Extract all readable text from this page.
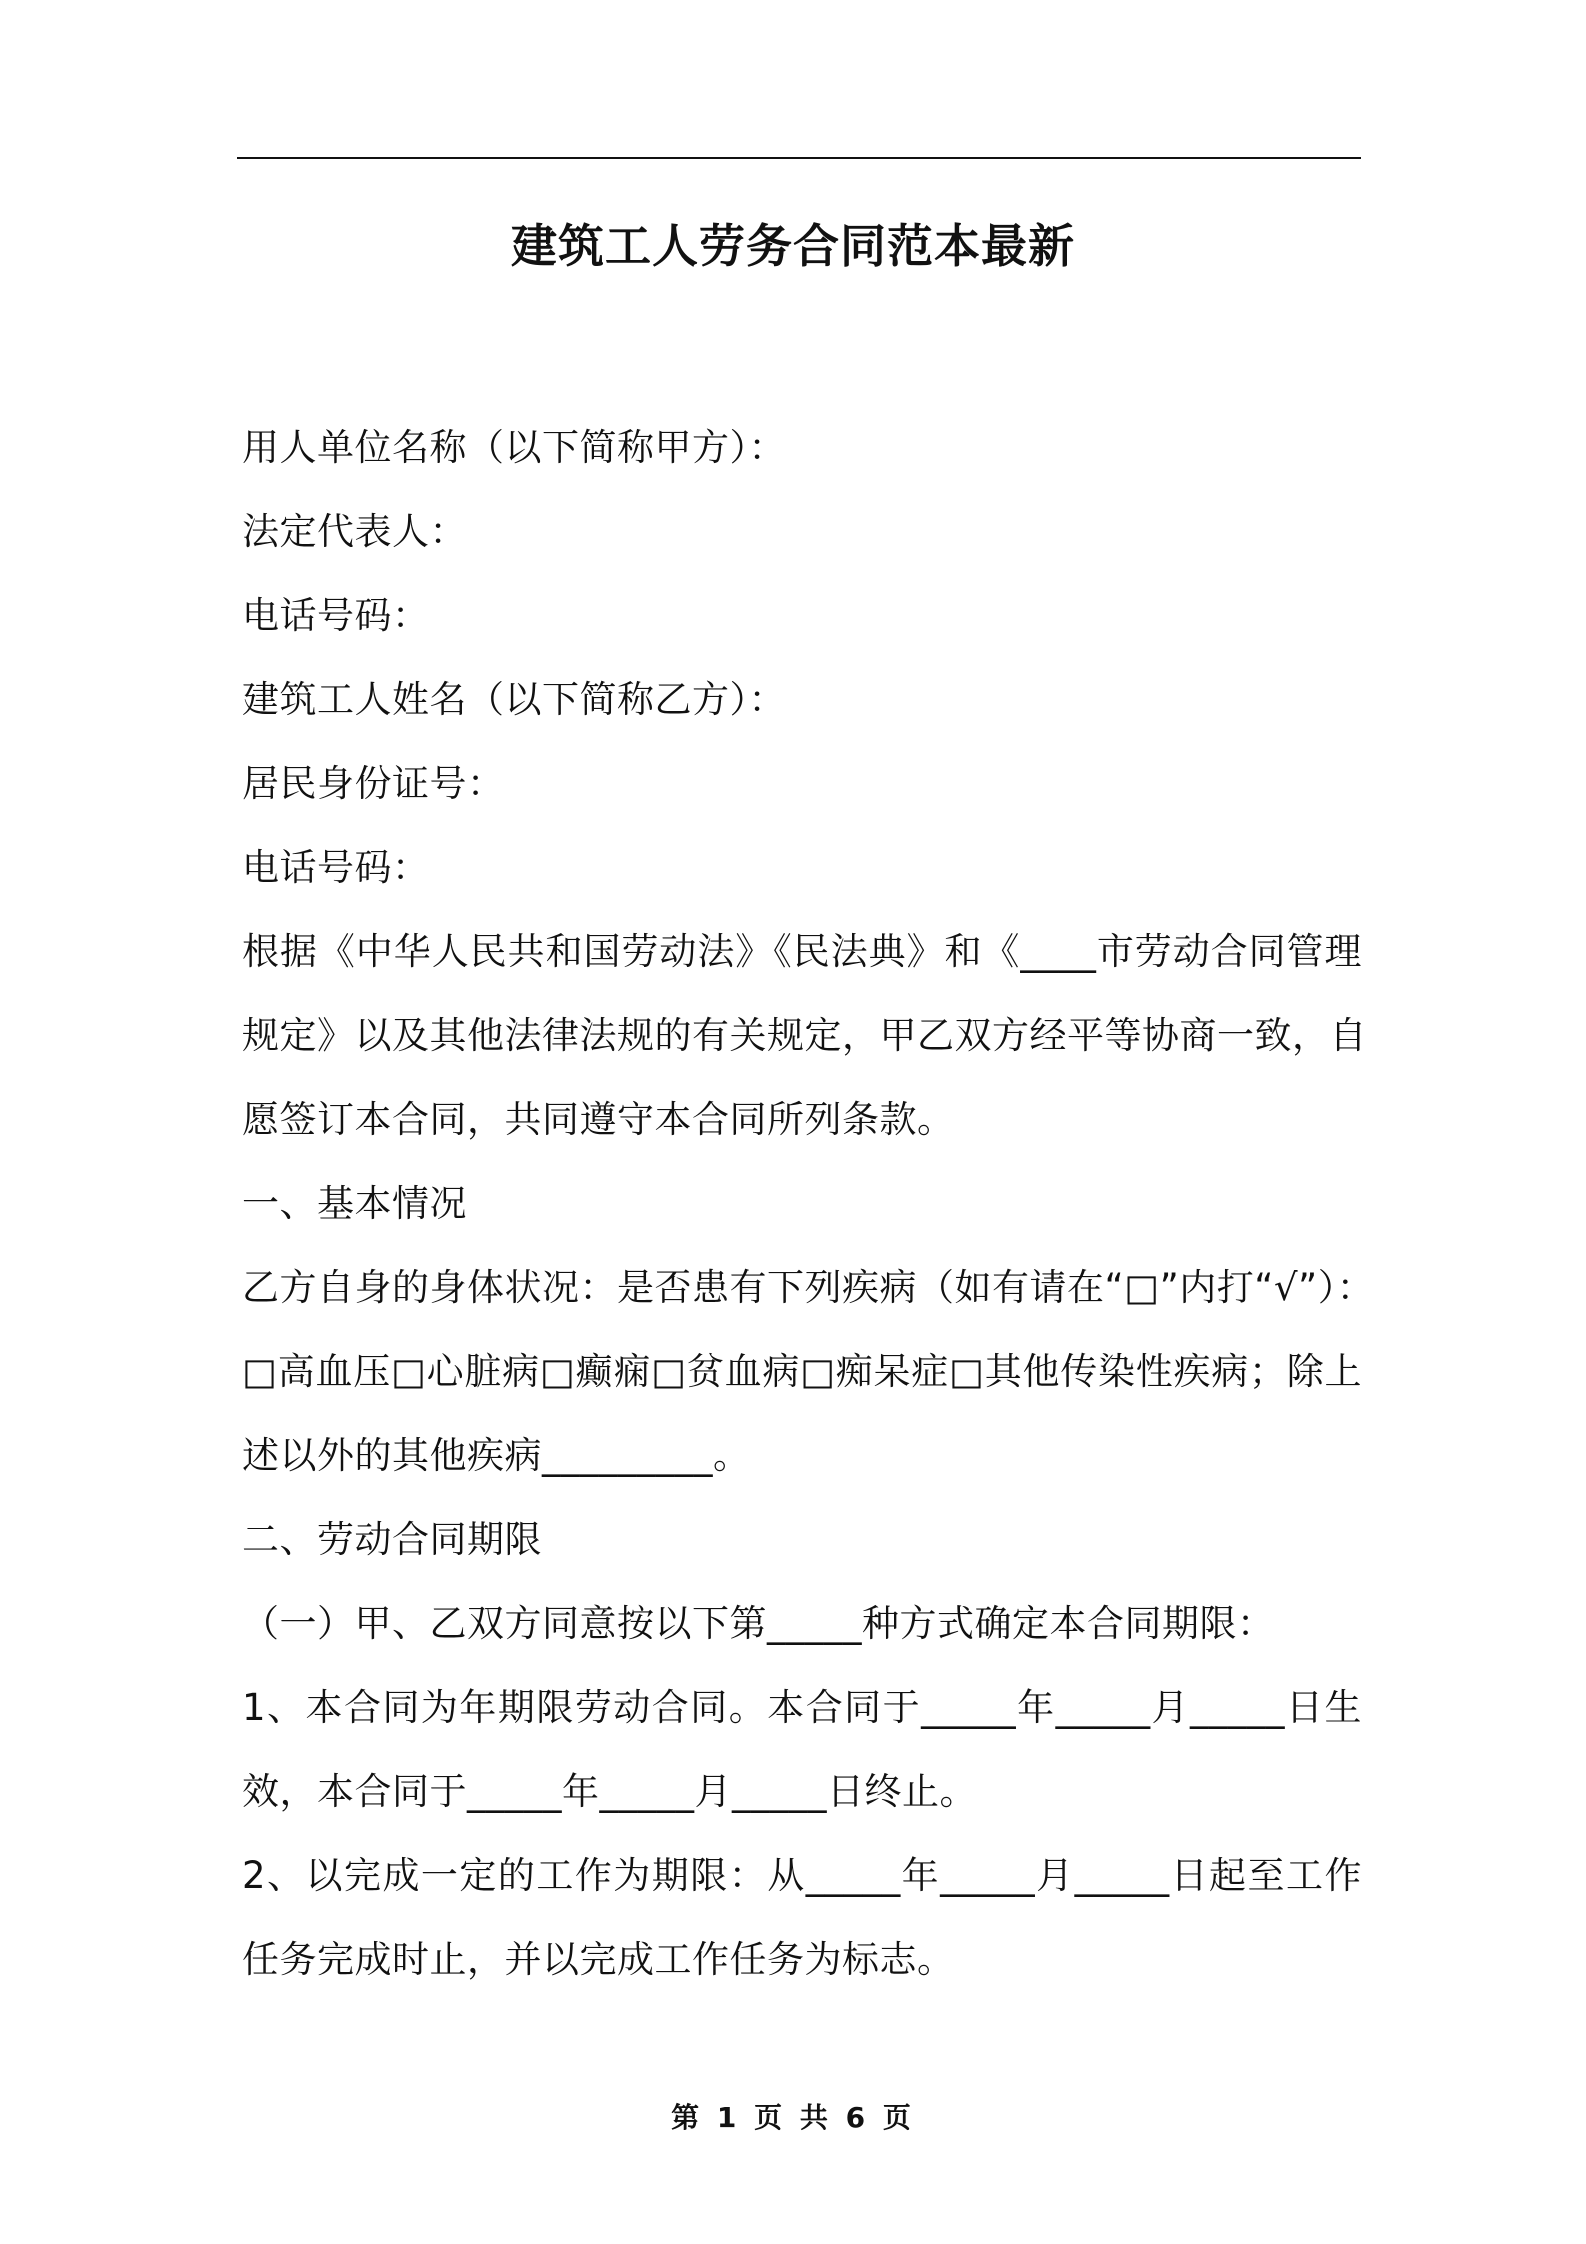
建筑工人劳务合同范本最新
用人单位名称（以下简称甲方）：
法定代表人：
电话号码：
建筑工人姓名（以下简称乙方）：
居民身份证号：
电话号码：
根据《中华人民共和国劳动法》《民法典》和《____市劳动合同管理
规定》以及其他法律法规的有关规定，甲乙双方经平等协商一致，自
愿签订本合同，共同遵守本合同所列条款。
一、基本情况
乙方自身的身体状况：是否患有下列疾病（如有请在“□”内打“√”）：
□高血压□心脏病□癫痫□贫血病□痴呆症□其他传染性疾病；除上
述以外的其他疾病_________。
二、劳动合同期限
（一）甲、乙双方同意按以下第_____种方式确定本合同期限：
1、本合同为年期限劳动合同。本合同于_____年_____月_____日生
效，本合同于_____年_____月_____日终止。
2、以完成一定的工作为期限：从_____年_____月_____日起至工作
任务完成时止，并以完成工作任务为标志。
第 1 页 共 6 页
